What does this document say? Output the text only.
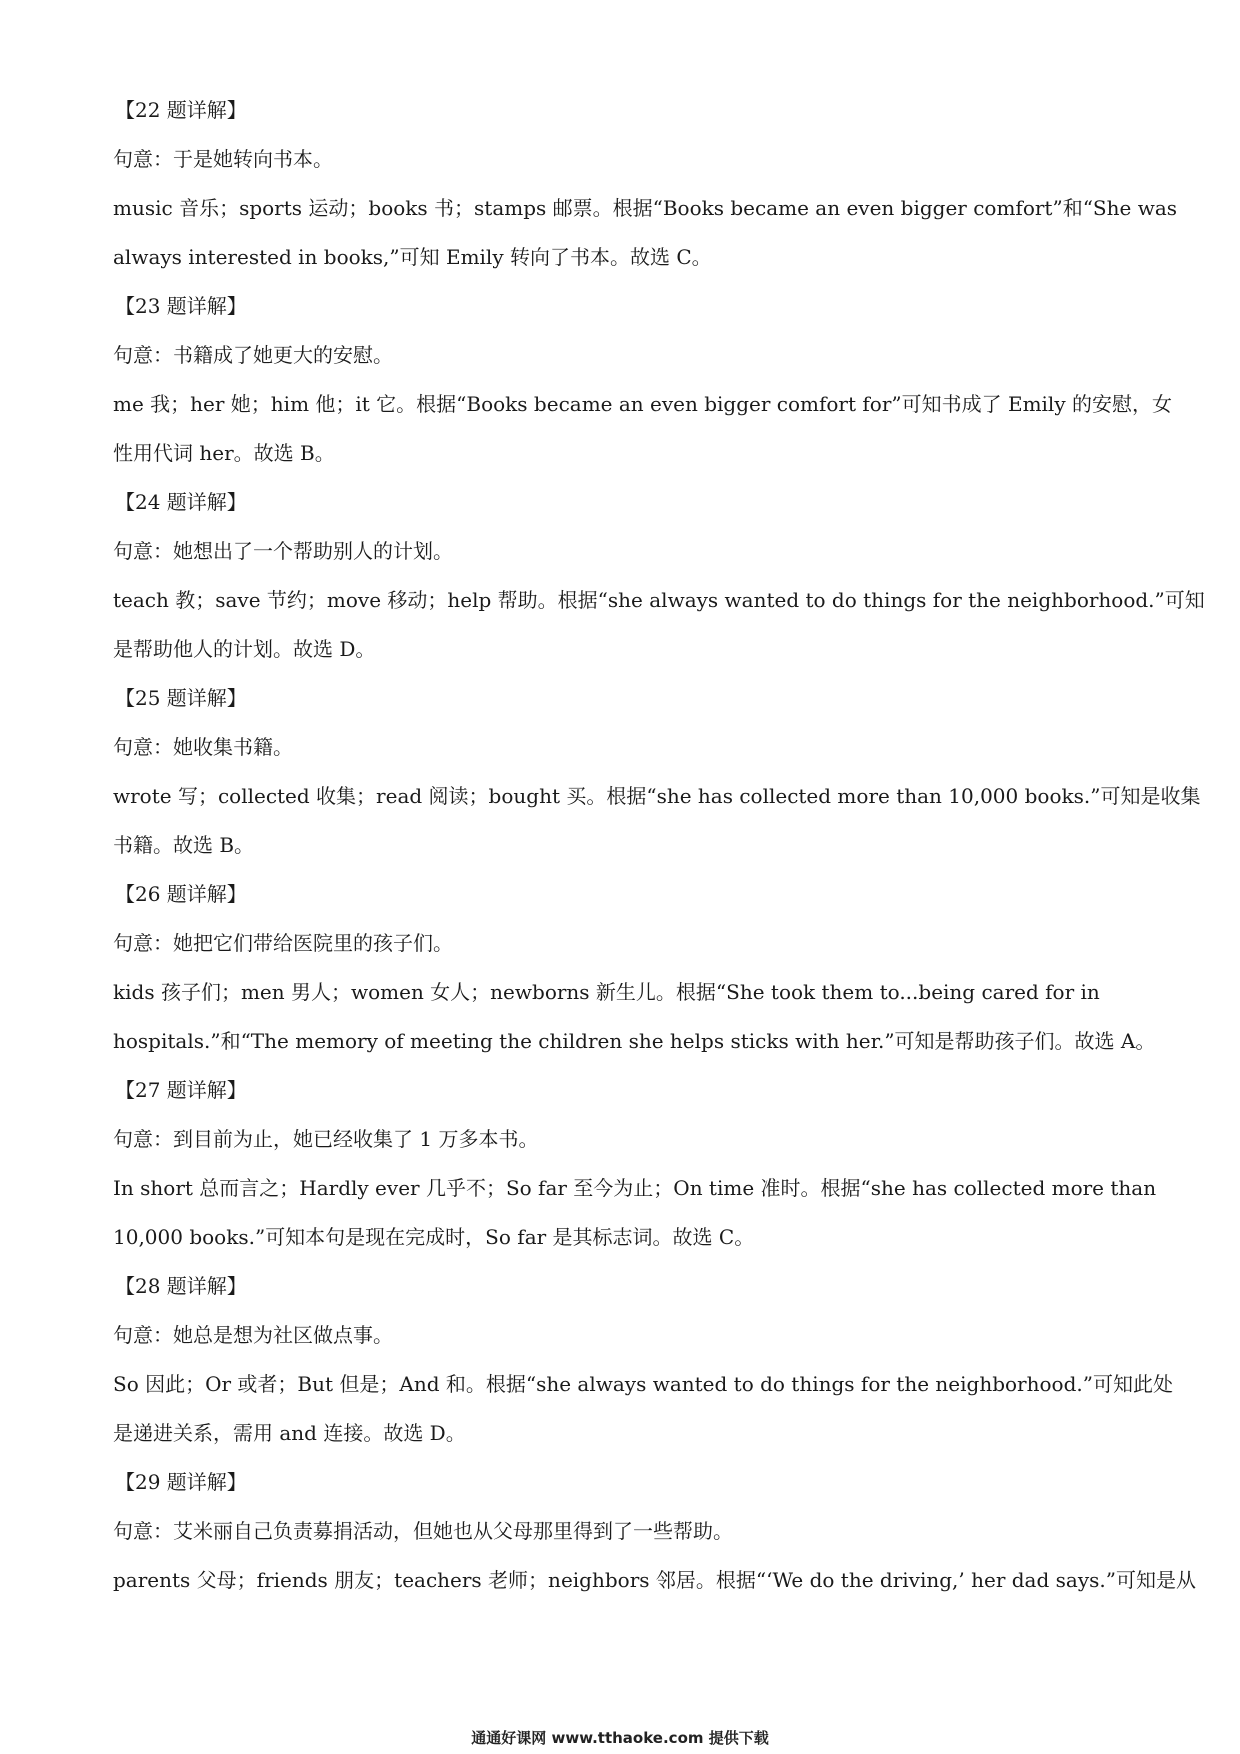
【22 题详解】
句意：于是她转向书本。
music 音乐；sports 运动；books 书；stamps 邮票。根据“Books became an even bigger comfort”和“She was
always interested in books,”可知 Emily 转向了书本。故选 C。
【23 题详解】
句意：书籍成了她更大的安慰。
me 我；her 她；him 他；it 它。根据“Books became an even bigger comfort for”可知书成了 Emily 的安慰，女
性用代词 her。故选 B。
【24 题详解】
句意：她想出了一个帮助别人的计划。
teach 教；save 节约；move 移动；help 帮助。根据“she always wanted to do things for the neighborhood.”可知
是帮助他人的计划。故选 D。
【25 题详解】
句意：她收集书籍。
wrote 写；collected 收集；read 阅读；bought 买。根据“she has collected more than 10,000 books.”可知是收集
书籍。故选 B。
【26 题详解】
句意：她把它们带给医院里的孩子们。
kids 孩子们；men 男人；women 女人；newborns 新生儿。根据“She took them to...being cared for in
hospitals.”和“The memory of meeting the children she helps sticks with her.”可知是帮助孩子们。故选 A。
【27 题详解】
句意：到目前为止，她已经收集了 1 万多本书。
In short 总而言之；Hardly ever 几乎不；So far 至今为止；On time 准时。根据“she has collected more than
10,000 books.”可知本句是现在完成时，So far 是其标志词。故选 C。
【28 题详解】
句意：她总是想为社区做点事。
So 因此；Or 或者；But 但是；And 和。根据“she always wanted to do things for the neighborhood.”可知此处
是递进关系，需用 and 连接。故选 D。
【29 题详解】
句意：艾米丽自己负责募捐活动，但她也从父母那里得到了一些帮助。
parents 父母；friends 朋友；teachers 老师；neighbors 邻居。根据“‘We do the driving,’ her dad says.”可知是从
通通好课网 www.tthaoke.com 提供下载
